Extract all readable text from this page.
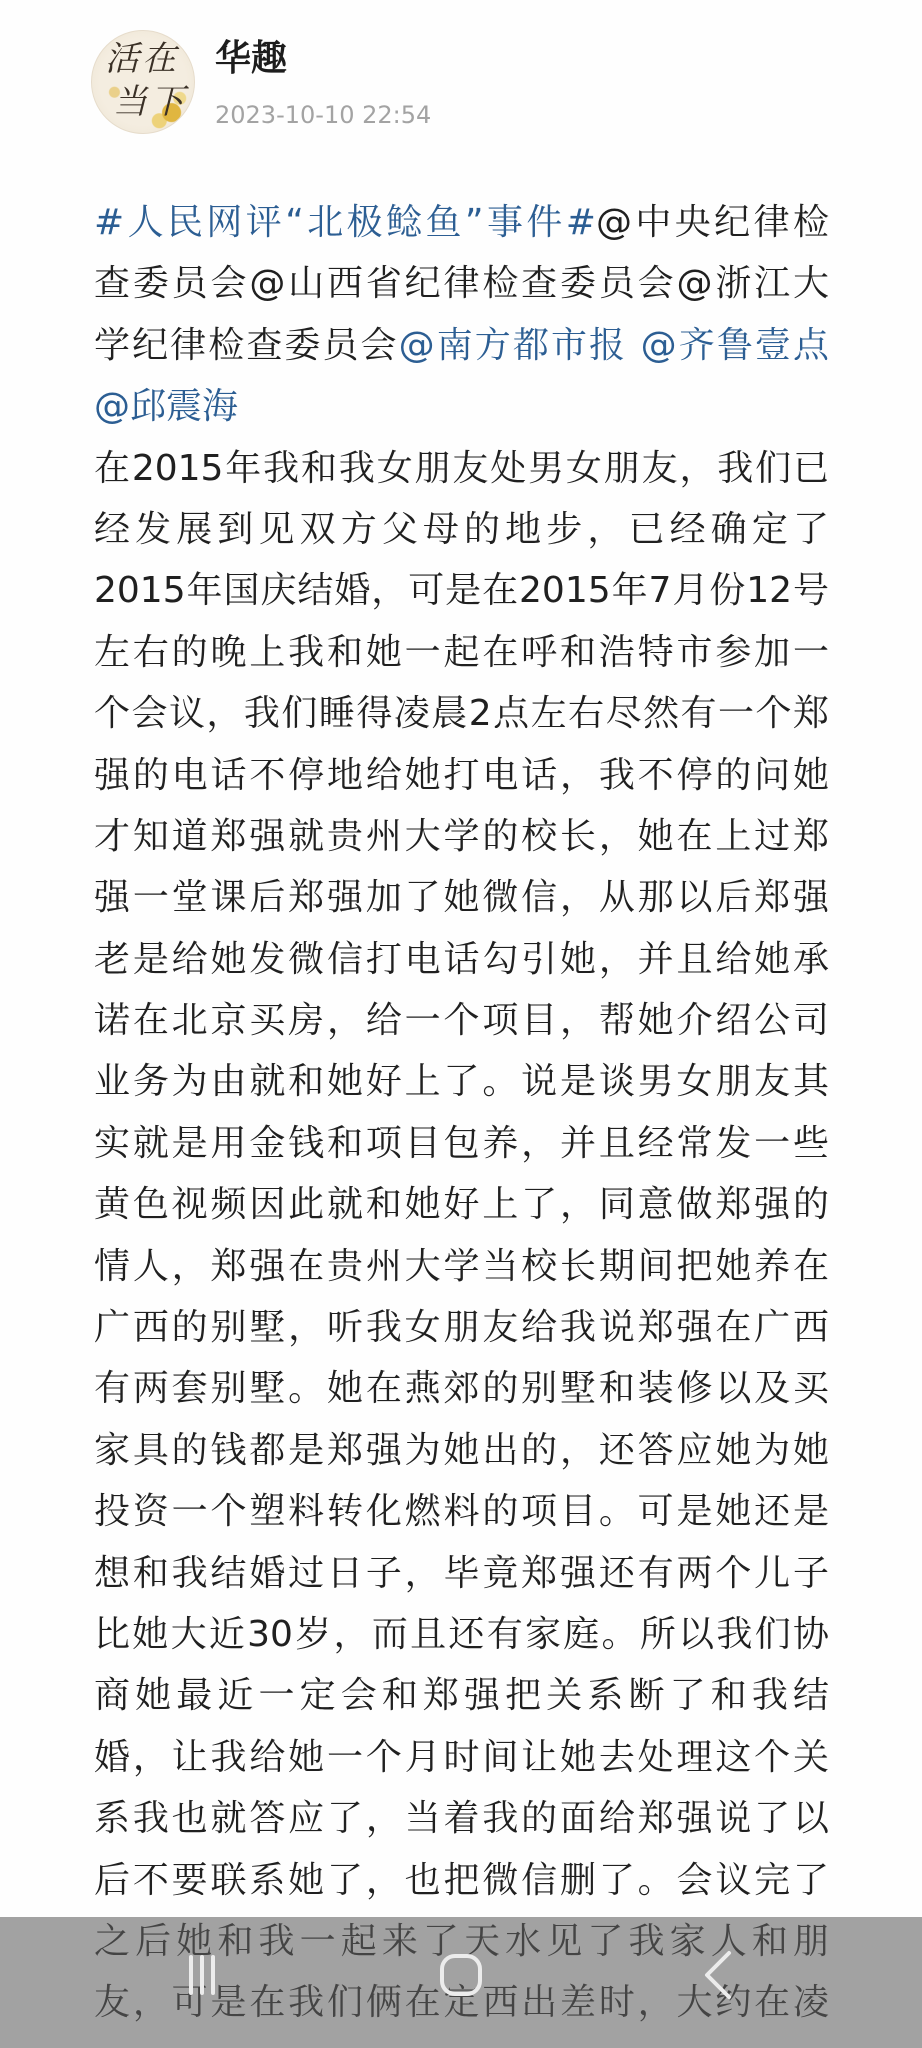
活在
当下
华趣
2023-10-10 22:54
#人民网评“北极鲶鱼”事件#@中央纪律检
查委员会@山西省纪律检查委员会@浙江大
学纪律检查委员会@南方都市报 @齐鲁壹点
@邱震海
在2015年我和我女朋友处男女朋友，我们已
经发展到见双方父母的地步，已经确定了
2015年国庆结婚，可是在2015年7月份12号
左右的晚上我和她一起在呼和浩特市参加一
个会议，我们睡得凌晨2点左右尽然有一个郑
强的电话不停地给她打电话，我不停的问她
才知道郑强就贵州大学的校长，她在上过郑
强一堂课后郑强加了她微信，从那以后郑强
老是给她发微信打电话勾引她，并且给她承
诺在北京买房，给一个项目，帮她介绍公司
业务为由就和她好上了。说是谈男女朋友其
实就是用金钱和项目包养，并且经常发一些
黄色视频因此就和她好上了，同意做郑强的
情人，郑强在贵州大学当校长期间把她养在
广西的别墅，听我女朋友给我说郑强在广西
有两套别墅。她在燕郊的别墅和装修以及买
家具的钱都是郑强为她出的，还答应她为她
投资一个塑料转化燃料的项目。可是她还是
想和我结婚过日子，毕竟郑强还有两个儿子
比她大近30岁，而且还有家庭。所以我们协
商她最近一定会和郑强把关系断了和我结
婚，让我给她一个月时间让她去处理这个关
系我也就答应了，当着我的面给郑强说了以
后不要联系她了，也把微信删了。会议完了
